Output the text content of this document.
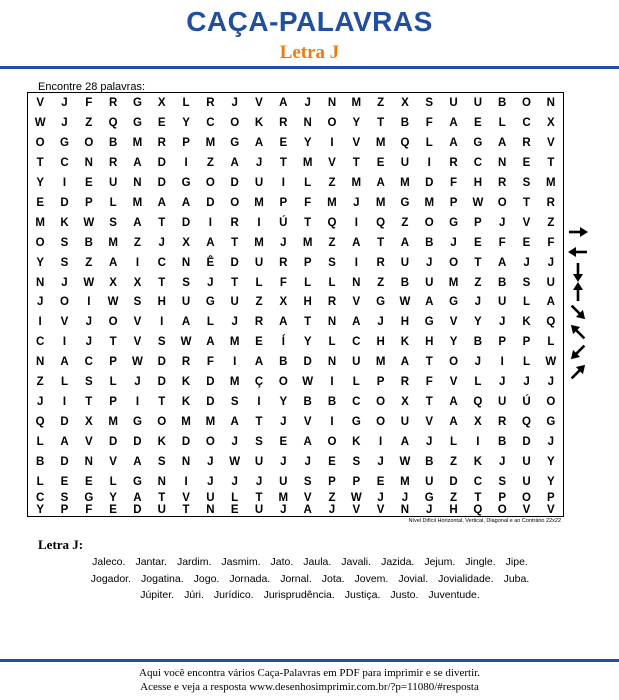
CAÇA-PALAVRAS
Letra J
Encontre 28 palavras:
V	J	F	R	G	X	L	R	J	V	A	J	N	M	Z	X	S	U	U	B	O	N
W	J	Z	Q	G	E	Y	C	O	K	R	N	O	Y	T	B	F	A	E	L	C	X
O	G	O	B	M	R	P	M	G	A	E	Y	I	V	M	Q	L	A	G	A	R	V
T	C	N	R	A	D	I	Z	A	J	T	M	V	T	E	U	I	R	C	N	E	T
Y	I	E	U	N	D	G	O	D	U	I	L	Z	M	A	M	D	F	H	R	S	M
E	D	P	L	M	A	A	D	O	M	P	F	M	J	M	G	M	P	W	O	T	R
M	K	W	S	A	T	D	I	R	I	Ú	T	Q	I	Q	Z	O	G	P	J	V	Z
O	S	B	M	Z	J	X	A	T	M	J	M	Z	A	T	A	B	J	E	F	E	F
Y	S	Z	A	I	C	N	Ê	D	U	R	P	S	I	R	U	J	O	T	A	J	J
N	J	W	X	X	T	S	J	T	L	F	L	L	N	Z	B	U	M	Z	B	S	U
J	O	I	W	S	H	U	G	U	Z	X	H	R	V	G	W	A	G	J	U	L	A
I	V	J	O	V	I	A	L	J	R	A	T	N	A	J	H	G	V	Y	J	K	Q
C	I	J	T	V	S	W	A	M	E	Í	Y	L	C	H	K	H	Y	B	P	P	L
N	A	C	P	W	D	R	F	I	A	B	D	N	U	M	A	T	O	J	I	L	W
Z	L	S	L	J	D	K	D	M	Ç	O	W	I	L	P	R	F	V	L	J	J	J
J	I	T	P	I	T	K	D	S	I	Y	B	B	C	O	X	T	A	Q	U	Ú	O
Q	D	X	M	G	O	M	M	A	T	J	V	I	G	O	U	V	A	X	R	Q	G
L	A	V	D	D	K	D	O	J	S	E	A	O	K	I	A	J	L	I	B	D	J
B	D	N	V	A	S	N	J	W	U	J	J	E	S	J	W	B	Z	K	J	U	Y
L	E	E	L	G	N	I	J	J	J	U	S	P	P	E	M	U	D	C	S	U	Y
C	S	G	Y	A	T	V	U	L	T	M	V	Z	W	J	J	G	Z	T	P	O	P
Y	P	F	E	D	U	T	N	E	U	J	A	J	V	V	N	J	H	Q	O	V	V
Nível Difícil Horizontal, Vertical, Diagonal e ao Contrário 22x22
Letra J:
Jaleco. Jantar. Jardim. Jasmim. Jato. Jaula. Javali. Jazida. Jejum. Jingle. Jipe.
Jogador. Jogatina. Jogo. Jornada. Jornal. Jota. Jovem. Jovial. Jovialidade. Juba.
Júpiter. Júri. Jurídico. Jurisprudência. Justiça. Justo. Juventude.
Aqui você encontra vários Caça-Palavras em PDF para imprimir e se divertir.
Acesse e veja a resposta www.desenhosimprimir.com.br/?p=11080/#resposta
